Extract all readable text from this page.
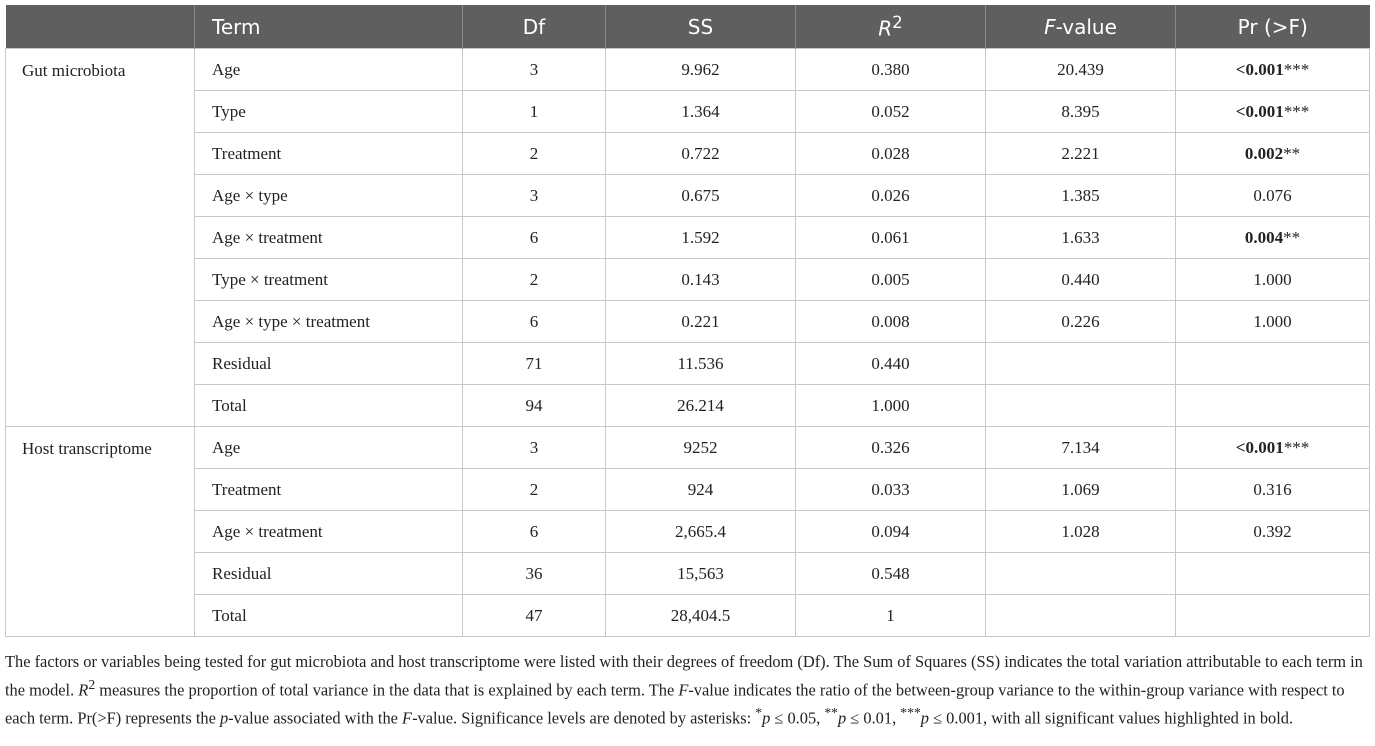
	Term	Df	SS	$R^2$	F-value	Pr (>F)
Gut microbiota	Age	3	9.962	0.380	20.439	<0.001***
	Type	1	1.364	0.052	8.395	<0.001***
	Treatment	2	0.722	0.028	2.221	0.002**
	Age × type	3	0.675	0.026	1.385	0.076
	Age × treatment	6	1.592	0.061	1.633	0.004**
	Type × treatment	2	0.143	0.005	0.440	1.000
	Age × type × treatment	6	0.221	0.008	0.226	1.000
	Residual	71	11.536	0.440		
	Total	94	26.214	1.000		
Host transcriptome	Age	3	9252	0.326	7.134	<0.001***
	Treatment	2	924	0.033	1.069	0.316
	Age × treatment	6	2,665.4	0.094	1.028	0.392
	Residual	36	15,563	0.548		
	Total	47	28,404.5	1		

The factors or variables being tested for gut microbiota and host transcriptome were listed with their degrees of freedom (Df). The Sum of Squares (SS) indicates the total variation attributable to each term in the model. $R^2$ measures the proportion of total variance in the data that is explained by each term. The F-value indicates the ratio of the between-group variance to the within-group variance with respect to each term. Pr(>F) represents the p-value associated with the F-value. Significance levels are denoted by asterisks: *p ≤ 0.05, **p ≤ 0.01, ***p ≤ 0.001, with all significant values highlighted in bold.
